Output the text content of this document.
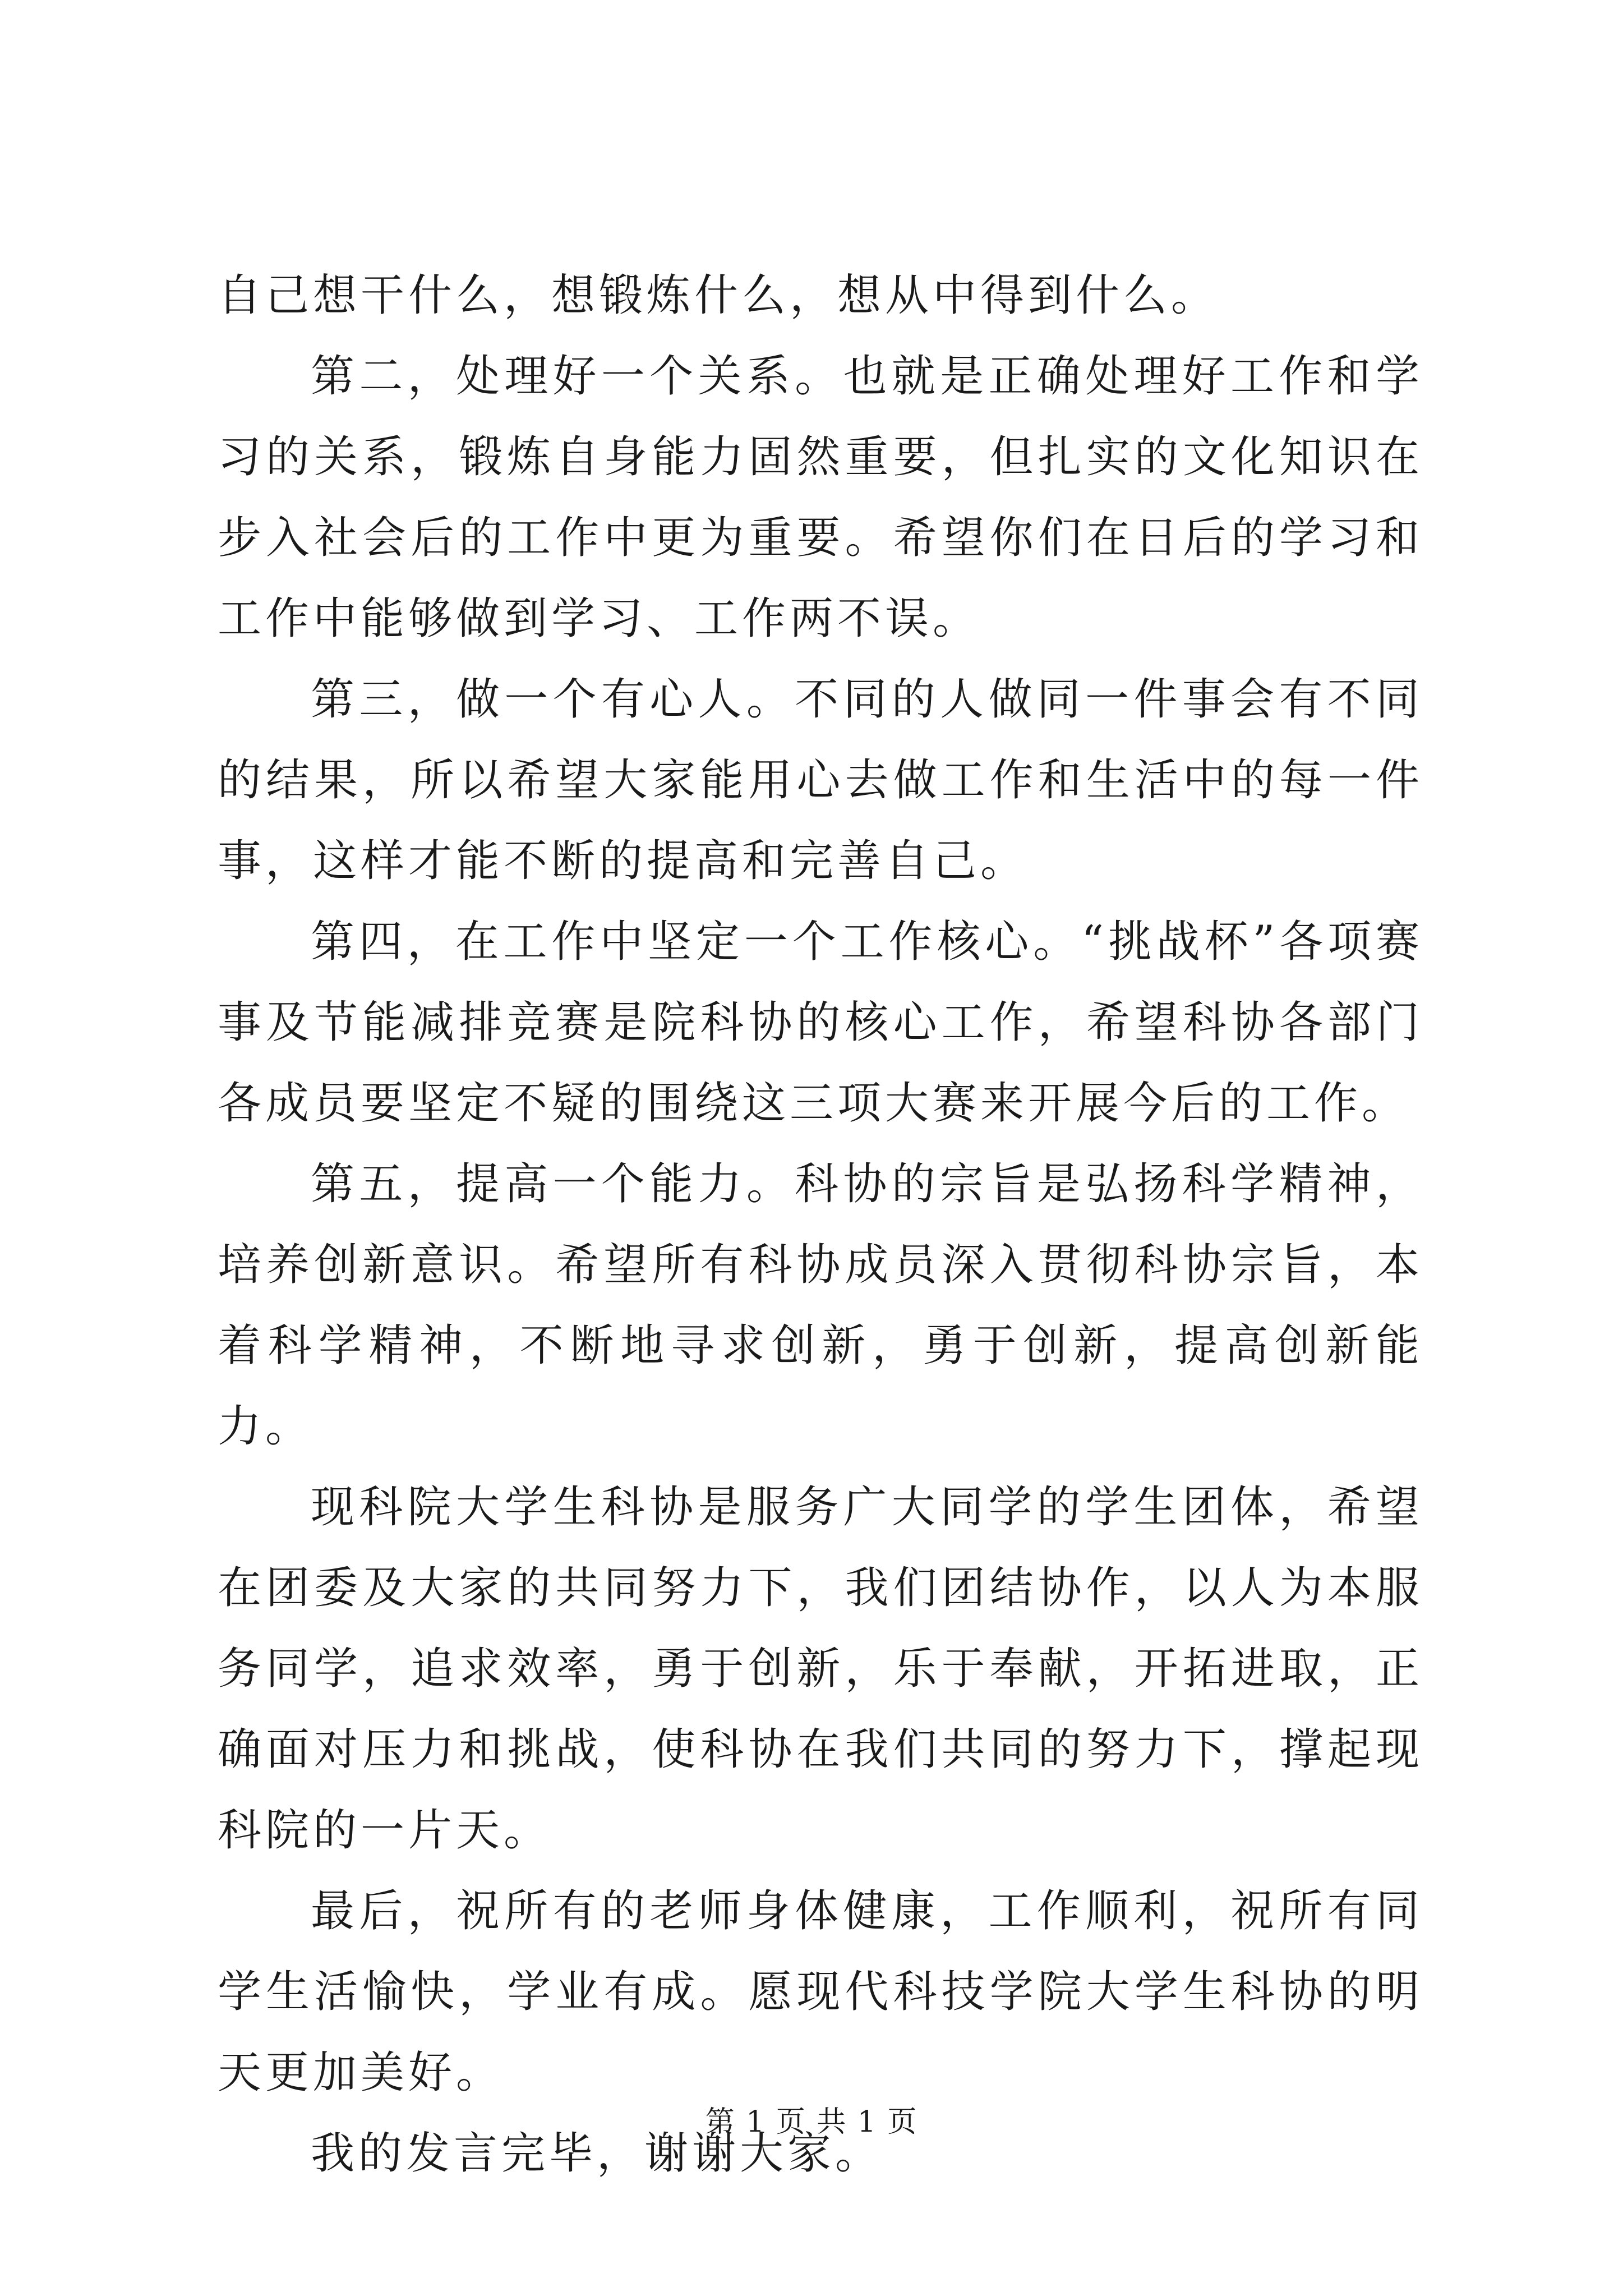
自己想干什么，想锻炼什么，想从中得到什么。

第二，处理好一个关系。也就是正确处理好工作和学习的关系，锻炼自身能力固然重要，但扎实的文化知识在步入社会后的工作中更为重要。希望你们在日后的学习和工作中能够做到学习、工作两不误。

第三，做一个有心人。不同的人做同一件事会有不同的结果，所以希望大家能用心去做工作和生活中的每一件事，这样才能不断的提高和完善自己。

第四，在工作中坚定一个工作核心。“挑战杯”各项赛事及节能减排竞赛是院科协的核心工作，希望科协各部门各成员要坚定不疑的围绕这三项大赛来开展今后的工作。

第五，提高一个能力。科协的宗旨是弘扬科学精神，培养创新意识。希望所有科协成员深入贯彻科协宗旨，本着科学精神，不断地寻求创新，勇于创新，提高创新能力。

现科院大学生科协是服务广大同学的学生团体，希望在团委及大家的共同努力下，我们团结协作，以人为本服务同学，追求效率，勇于创新，乐于奉献，开拓进取，正确面对压力和挑战，使科协在我们共同的努力下，撑起现科院的一片天。

最后，祝所有的老师身体健康，工作顺利，祝所有同学生活愉快，学业有成。愿现代科技学院大学生科协的明天更加美好。

我的发言完毕，谢谢大家。

第 1 页 共 1 页
